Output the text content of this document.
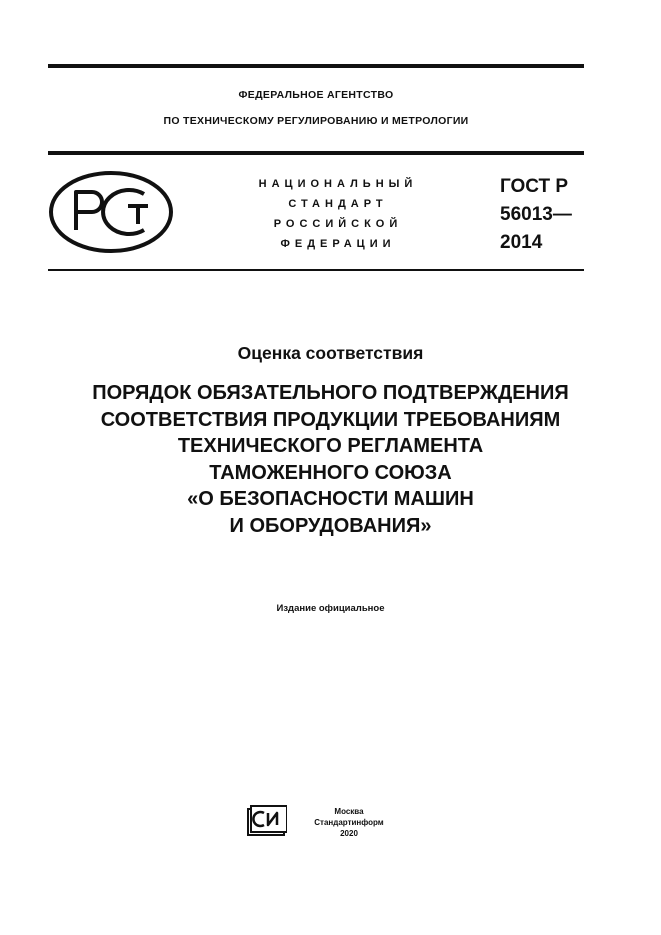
ФЕДЕРАЛЬНОЕ АГЕНТСТВО
ПО ТЕХНИЧЕСКОМУ РЕГУЛИРОВАНИЮ И МЕТРОЛОГИИ
НАЦИОНАЛЬНЫЙ
СТАНДАРТ
РОССИЙСКОЙ
ФЕДЕРАЦИИ
ГОСТ Р
56013—
2014
Оценка соответствия
ПОРЯДОК ОБЯЗАТЕЛЬНОГО ПОДТВЕРЖДЕНИЯ
СООТВЕТСТВИЯ ПРОДУКЦИИ ТРЕБОВАНИЯМ
ТЕХНИЧЕСКОГО РЕГЛАМЕНТА
ТАМОЖЕННОГО СОЮЗА
«О БЕЗОПАСНОСТИ МАШИН
И ОБОРУДОВАНИЯ»
Издание официальное
Москва
Стандартинформ
2020
